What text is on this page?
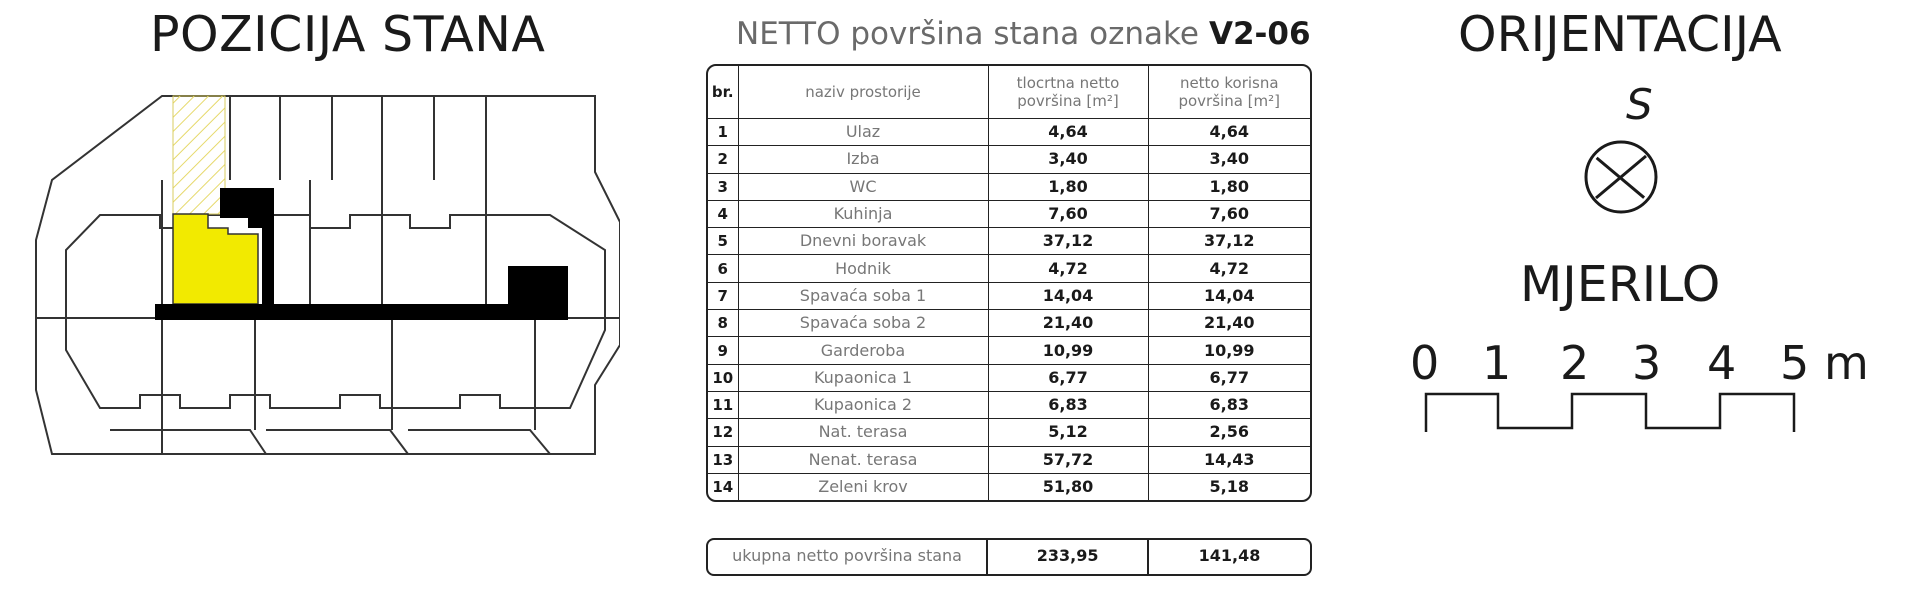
POZICIJA STANA	NETTO površina stana oznake V2-06
br.	naziv prostorije	tlocrtna netto površina [m²]	netto korisna površina [m²]
1	Ulaz	4,64	4,64
2	Izba	3,40	3,40
3	WC	1,80	1,80
4	Kuhinja	7,60	7,60
5	Dnevni boravak	37,12	37,12
6	Hodnik	4,72	4,72
7	Spavaća soba 1	14,04	14,04
8	Spavaća soba 2	21,40	21,40
9	Garderoba	10,99	10,99
10	Kupaonica 1	6,77	6,77
11	Kupaonica 2	6,83	6,83
12	Nat. terasa	5,12	2,56
13	Nenat. terasa	57,72	14,43
14	Zeleni krov	51,80	5,18
ukupna netto površina stana	233,95	141,48
ORIJENTACIJA
S
MJERILO
0 1 2 3 4 5 m
